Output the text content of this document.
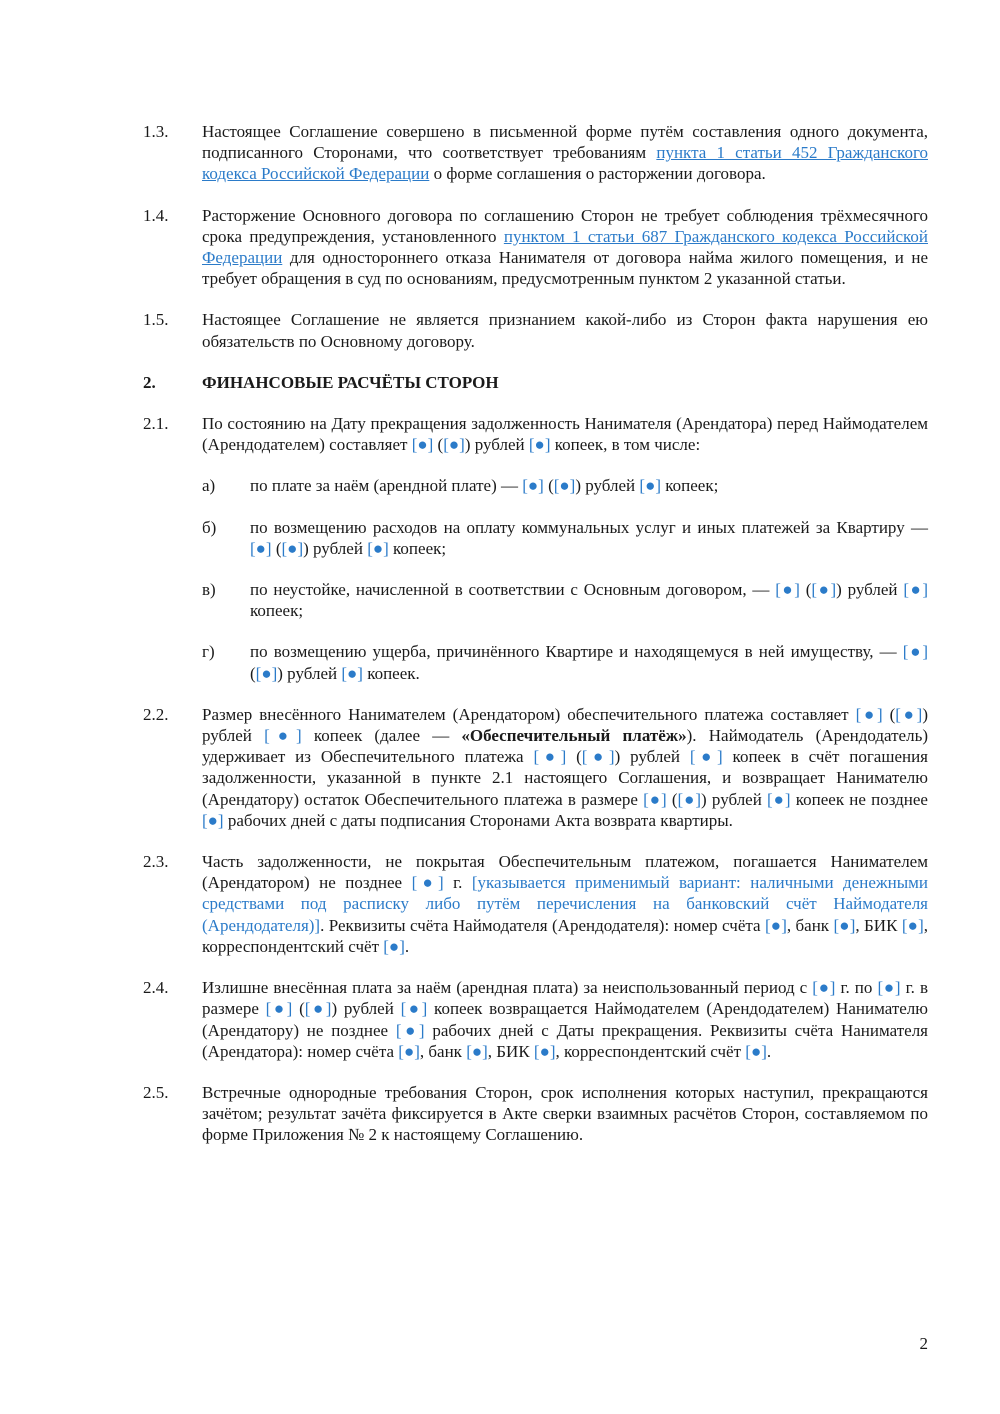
1.3. Настоящее Соглашение совершено в письменной форме путём составления одного документа, подписанного Сторонами, что соответствует требованиям пункта 1 статьи 452 Гражданского кодекса Российской Федерации о форме соглашения о расторжении договора.
1.4. Расторжение Основного договора по соглашению Сторон не требует соблюдения трёхмесячного срока предупреждения, установленного пунктом 1 статьи 687 Гражданского кодекса Российской Федерации для одностороннего отказа Нанимателя от договора найма жилого помещения, и не требует обращения в суд по основаниям, предусмотренным пунктом 2 указанной статьи.
1.5. Настоящее Соглашение не является признанием какой-либо из Сторон факта нарушения ею обязательств по Основному договору.
2.	ФИНАНСОВЫЕ РАСЧЁТЫ СТОРОН
2.1. По состоянию на Дату прекращения задолженность Нанимателя (Арендатора) перед Наймодателем (Арендодателем) составляет [●] ([●]) рублей [●] копеек, в том числе:
а) по плате за наём (арендной плате) — [●] ([●]) рублей [●] копеек;
б) по возмещению расходов на оплату коммунальных услуг и иных платежей за Квартиру — [●] ([●]) рублей [●] копеек;
в) по неустойке, начисленной в соответствии с Основным договором, — [●] ([●]) рублей [●] копеек;
г) по возмещению ущерба, причинённого Квартире и находящемуся в ней имуществу, — [●] ([●]) рублей [●] копеек.
2.2. Размер внесённого Нанимателем (Арендатором) обеспечительного платежа составляет [●] ([●]) рублей [●] копеек (далее — «Обеспечительный платёж»). Наймодатель (Арендодатель) удерживает из Обеспечительного платежа [●] ([●]) рублей [●] копеек в счёт погашения задолженности, указанной в пункте 2.1 настоящего Соглашения, и возвращает Нанимателю (Арендатору) остаток Обеспечительного платежа в размере [●] ([●]) рублей [●] копеек не позднее [●] рабочих дней с даты подписания Сторонами Акта возврата квартиры.
2.3. Часть задолженности, не покрытая Обеспечительным платежом, погашается Нанимателем (Арендатором) не позднее [●] г. [указывается применимый вариант: наличными денежными средствами под расписку либо путём перечисления на банковский счёт Наймодателя (Арендодателя)]. Реквизиты счёта Наймодателя (Арендодателя): номер счёта [●], банк [●], БИК [●], корреспондентский счёт [●].
2.4. Излишне внесённая плата за наём (арендная плата) за неиспользованный период с [●] г. по [●] г. в размере [●] ([●]) рублей [●] копеек возвращается Наймодателем (Арендодателем) Нанимателю (Арендатору) не позднее [●] рабочих дней с Даты прекращения. Реквизиты счёта Нанимателя (Арендатора): номер счёта [●], банк [●], БИК [●], корреспондентский счёт [●].
2.5. Встречные однородные требования Сторон, срок исполнения которых наступил, прекращаются зачётом; результат зачёта фиксируется в Акте сверки взаимных расчётов Сторон, составляемом по форме Приложения № 2 к настоящему Соглашению.
2
